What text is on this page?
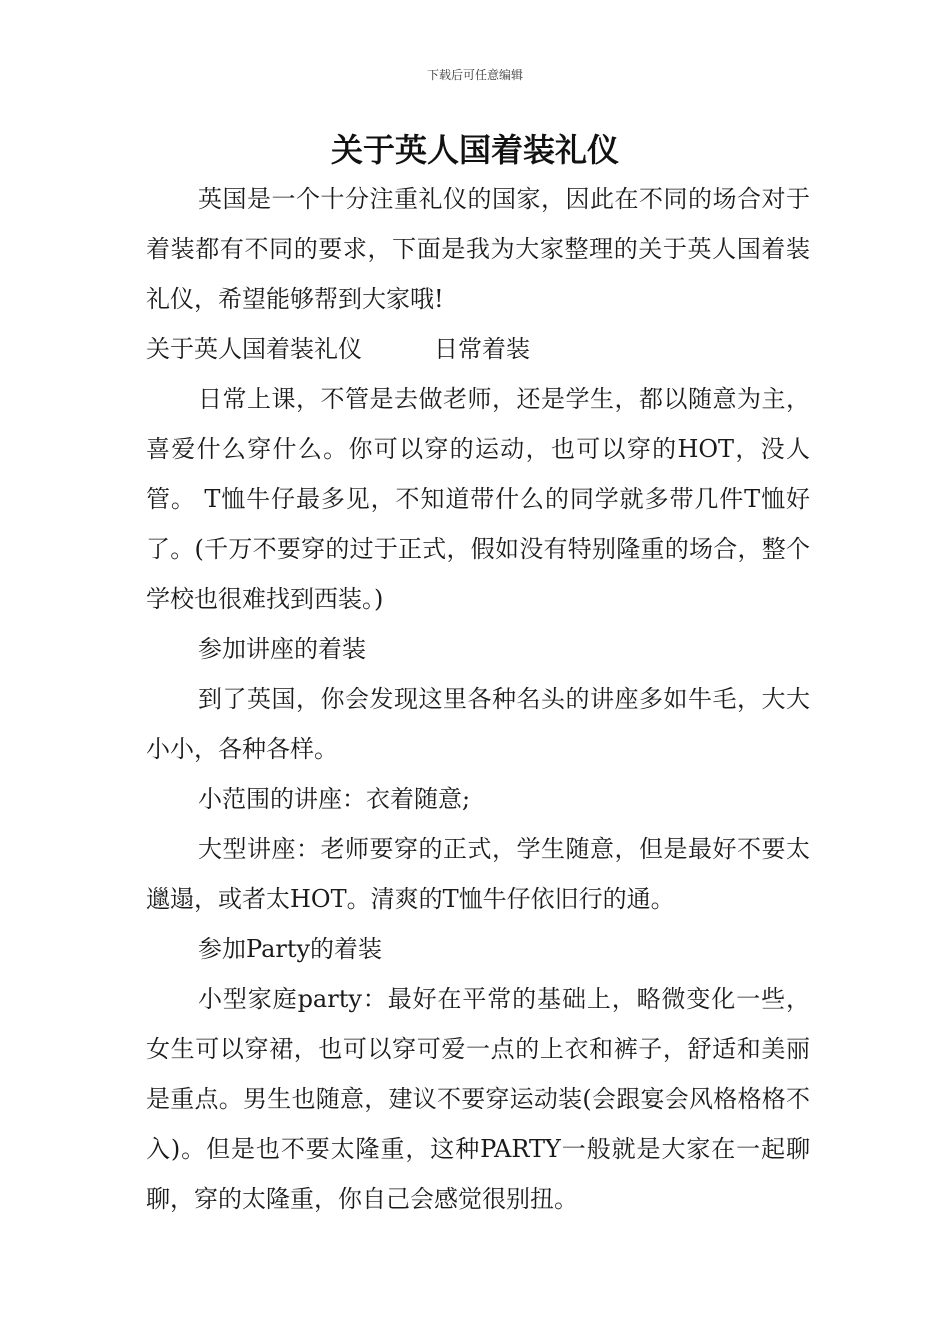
下载后可任意编辑
关于英人国着装礼仪

英国是一个十分注重礼仪的国家，因此在不同的场合对于着装都有不同的要求，下面是我为大家整理的关于英人国着装礼仪，希望能够帮到大家哦!

关于英人国着装礼仪　　　日常着装

日常上课，不管是去做老师，还是学生，都以随意为主，喜爱什么穿什么。你可以穿的运动，也可以穿的HOT，没人管。 T恤牛仔最多见，不知道带什么的同学就多带几件T恤好了。(千万不要穿的过于正式，假如没有特别隆重的场合，整个学校也很难找到西装。)

参加讲座的着装

到了英国，你会发现这里各种名头的讲座多如牛毛，大大小小，各种各样。

小范围的讲座：衣着随意;

大型讲座：老师要穿的正式，学生随意，但是最好不要太邋遢，或者太HOT。清爽的T恤牛仔依旧行的通。

参加Party的着装

小型家庭party：最好在平常的基础上，略微变化一些，女生可以穿裙，也可以穿可爱一点的上衣和裤子，舒适和美丽是重点。男生也随意，建议不要穿运动装(会跟宴会风格格格不入)。但是也不要太隆重，这种PARTY一般就是大家在一起聊聊，穿的太隆重，你自己会感觉很别扭。
